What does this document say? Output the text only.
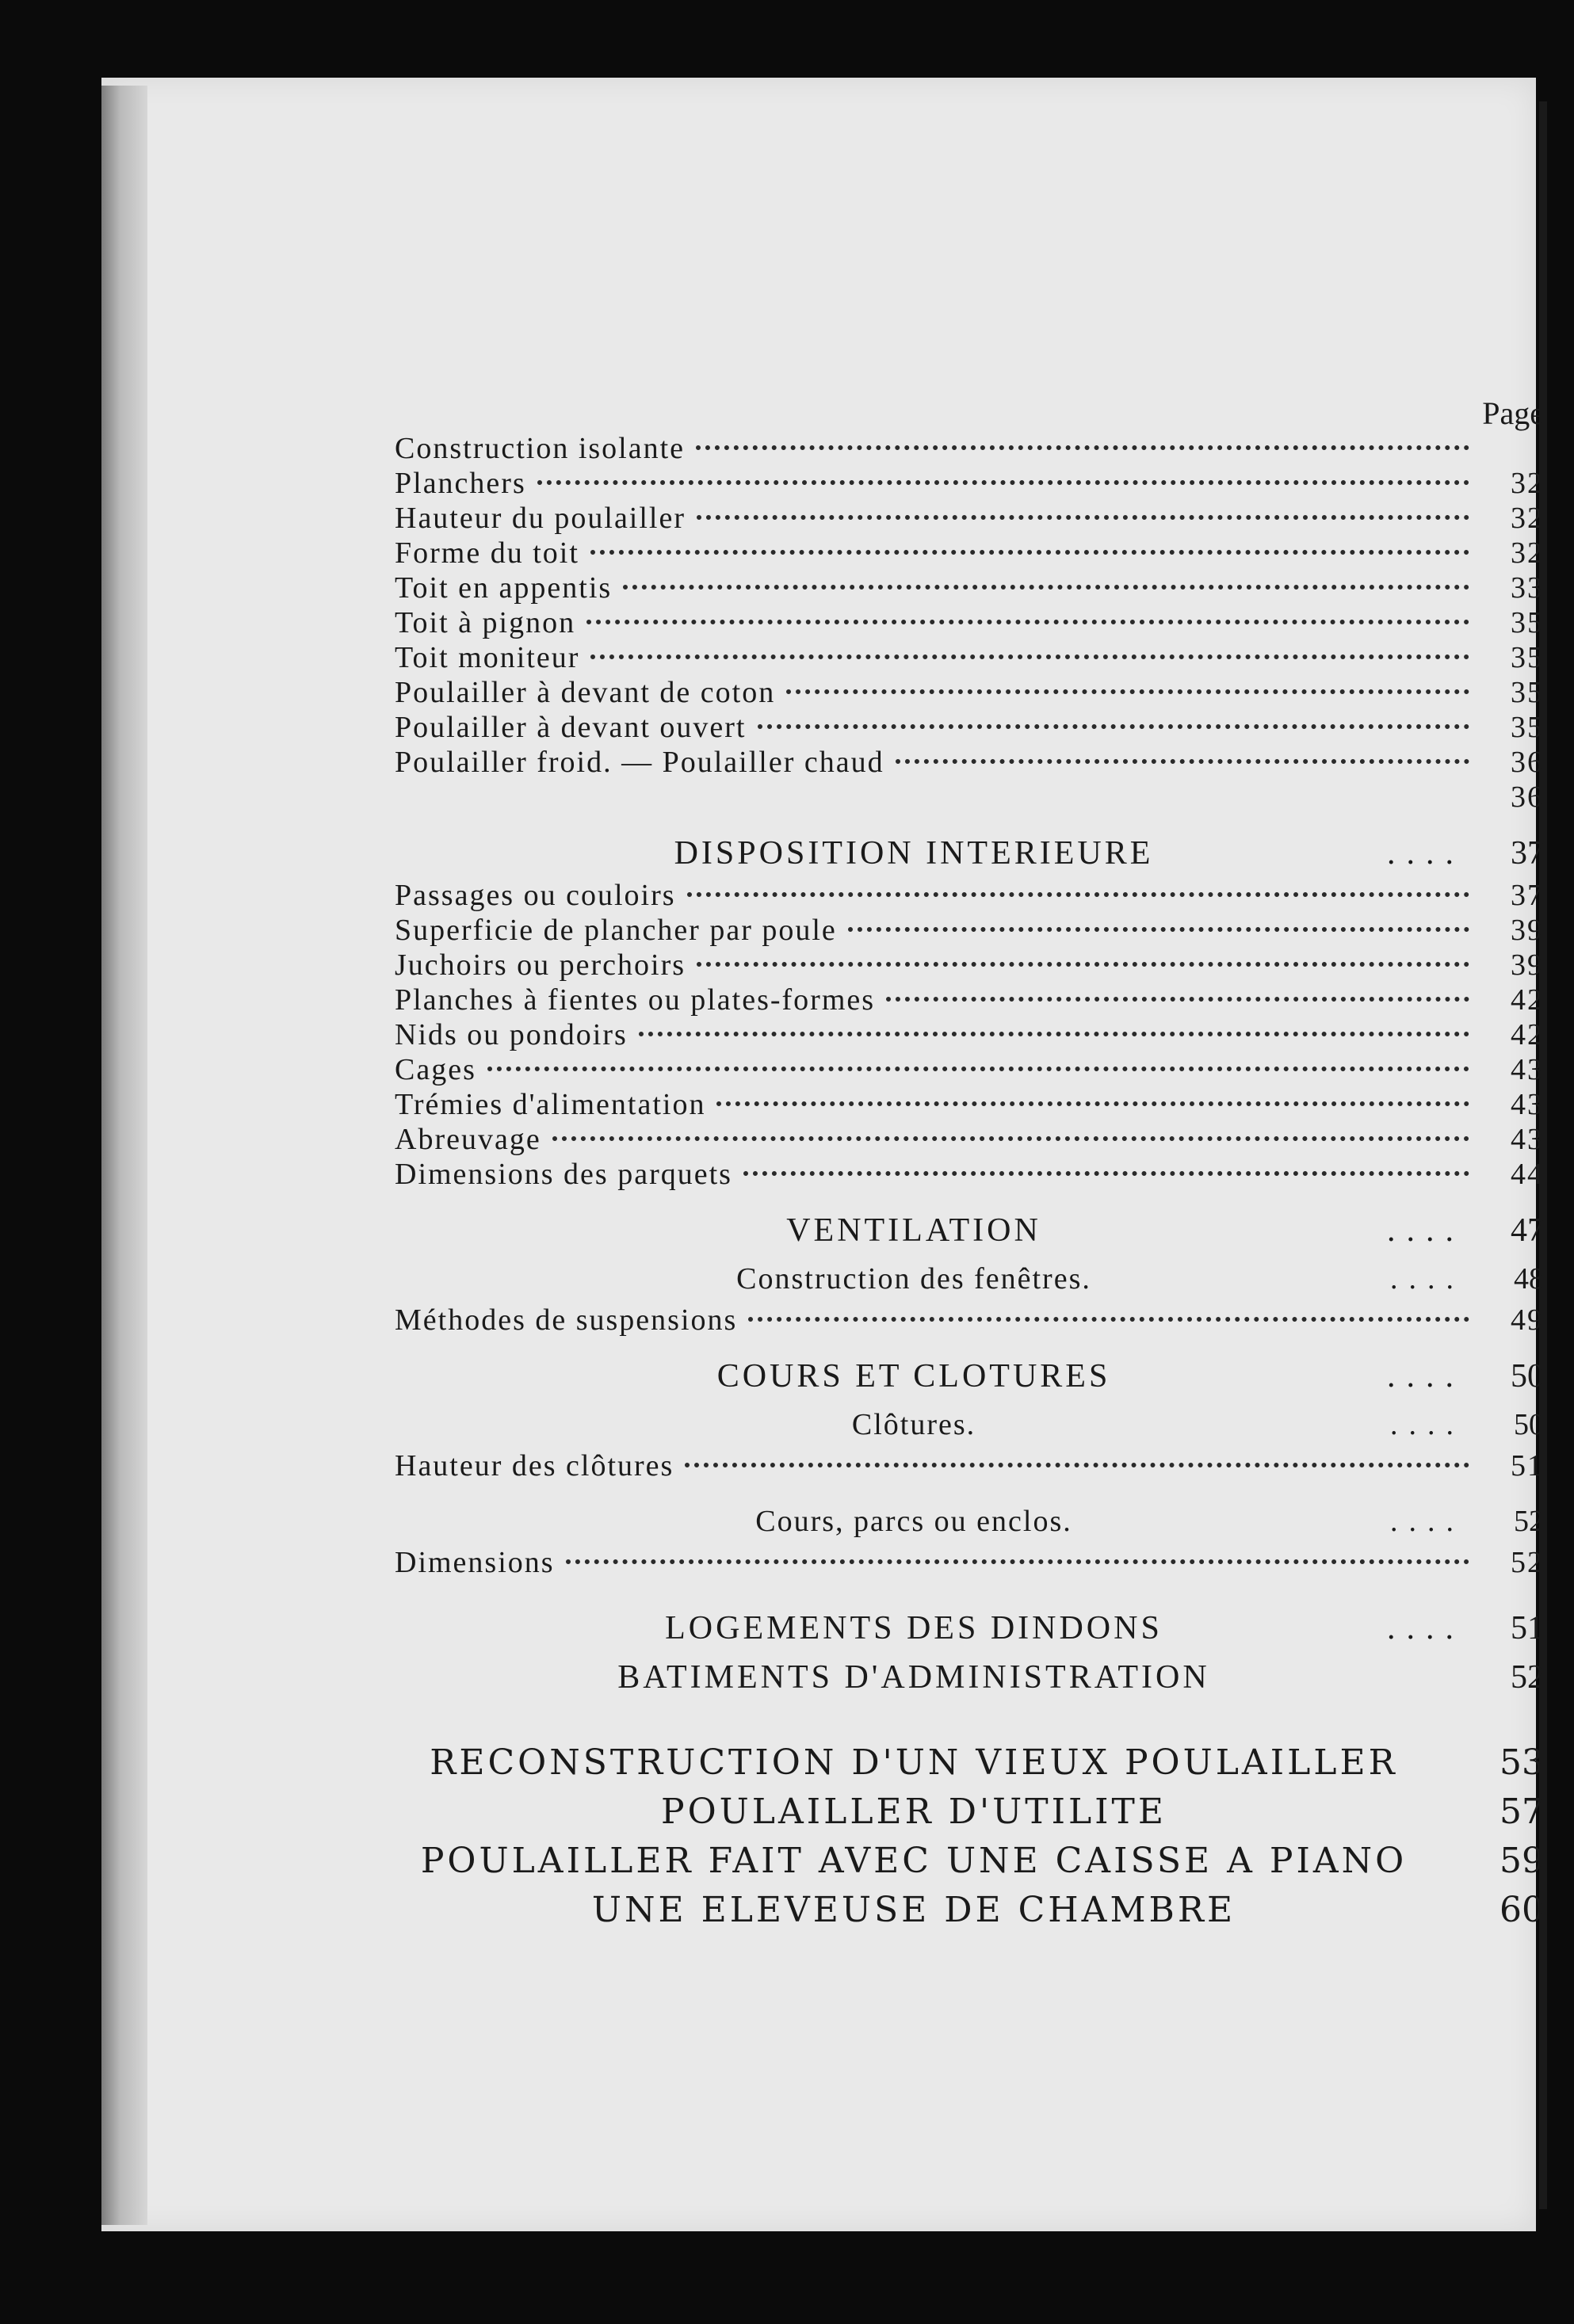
Page
Construction isolante
Planchers	32
Hauteur du poulailler	32
Forme du toit	32
Toit en appentis	33
Toit à pignon	35
Toit moniteur	35
Poulailler à devant de coton	35
Poulailler à devant ouvert	35
Poulailler froid. — Poulailler chaud	36
36
DISPOSITION INTERIEURE	....	37
Passages ou couloirs	37
Superficie de plancher par poule	39
Juchoirs ou perchoirs	39
Planches à fientes ou plates-formes	42
Nids ou pondoirs	42
Cages	43
Trémies d'alimentation	43
Abreuvage	43
Dimensions des parquets	44
VENTILATION	....	47
Construction des fenêtres.	....	48
Méthodes de suspensions	49
COURS ET CLOTURES	....	50
Clôtures.	....	50
Hauteur des clôtures	51
Cours, parcs ou enclos.	....	52
Dimensions	52
LOGEMENTS DES DINDONS	....	51
BATIMENTS D'ADMINISTRATION	52
RECONSTRUCTION D'UN VIEUX POULAILLER	53
POULAILLER D'UTILITE	57
POULAILLER FAIT AVEC UNE CAISSE A PIANO	59
UNE ELEVEUSE DE CHAMBRE	60
